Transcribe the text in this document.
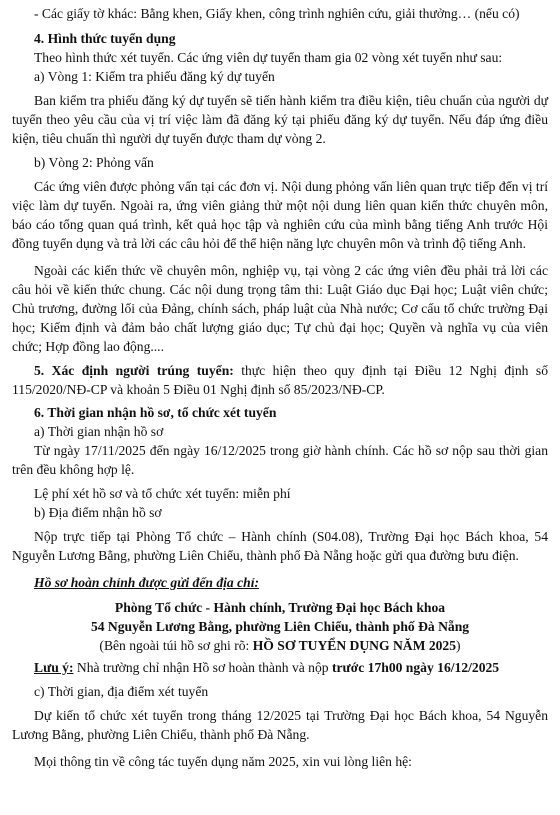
- Các giấy tờ khác: Bằng khen, Giấy khen, công trình nghiên cứu, giải thưởng… (nếu có)

4. Hình thức tuyển dụng

Theo hình thức xét tuyển. Các ứng viên dự tuyển tham gia 02 vòng xét tuyển như sau:

a) Vòng 1: Kiểm tra phiếu đăng ký dự tuyển

Ban kiểm tra phiếu đăng ký dự tuyển sẽ tiến hành kiểm tra điều kiện, tiêu chuẩn của người dự tuyển theo yêu cầu của vị trí việc làm đã đăng ký tại phiếu đăng ký dự tuyển. Nếu đáp ứng điều kiện, tiêu chuẩn thì người dự tuyển được tham dự vòng 2.

b) Vòng 2: Phỏng vấn

Các ứng viên được phỏng vấn tại các đơn vị. Nội dung phỏng vấn liên quan trực tiếp đến vị trí việc làm dự tuyển. Ngoài ra, ứng viên giảng thử một nội dung liên quan kiến thức chuyên môn, báo cáo tổng quan quá trình, kết quả học tập và nghiên cứu của mình bằng tiếng Anh trước Hội đồng tuyển dụng và trả lời các câu hỏi để thể hiện năng lực chuyên môn và trình độ tiếng Anh.

Ngoài các kiến thức về chuyên môn, nghiệp vụ, tại vòng 2 các ứng viên đều phải trả lời các câu hỏi về kiến thức chung. Các nội dung trọng tâm thi: Luật Giáo dục Đại học; Luật viên chức; Chủ trương, đường lối của Đảng, chính sách, pháp luật của Nhà nước; Cơ cấu tổ chức trường Đại học; Kiểm định và đảm bảo chất lượng giáo dục; Tự chủ đại học; Quyền và nghĩa vụ của viên chức; Hợp đồng lao động....

5. Xác định người trúng tuyển: thực hiện theo quy định tại Điều 12 Nghị định số 115/2020/NĐ-CP và khoản 5 Điều 01 Nghị định số 85/2023/NĐ-CP.

6. Thời gian nhận hồ sơ, tổ chức xét tuyển

a) Thời gian nhận hồ sơ

Từ ngày 17/11/2025 đến ngày 16/12/2025 trong giờ hành chính. Các hồ sơ nộp sau thời gian trên đều không hợp lệ.

Lệ phí xét hồ sơ và tổ chức xét tuyển: miễn phí

b) Địa điểm nhận hồ sơ

Nộp trực tiếp tại Phòng Tổ chức – Hành chính (S04.08), Trường Đại học Bách khoa, 54 Nguyễn Lương Bằng, phường Liên Chiểu, thành phố Đà Nẵng hoặc gửi qua đường bưu điện.

Hồ sơ hoàn chỉnh được gửi đến địa chỉ:

Phòng Tổ chức - Hành chính, Trường Đại học Bách khoa

54 Nguyễn Lương Bằng, phường Liên Chiểu, thành phố Đà Nẵng

(Bên ngoài túi hồ sơ ghi rõ: HỒ SƠ TUYỂN DỤNG NĂM 2025)

Lưu ý: Nhà trường chỉ nhận Hồ sơ hoàn thành và nộp trước 17h00 ngày 16/12/2025

c) Thời gian, địa điểm xét tuyển

Dự kiến tổ chức xét tuyển trong tháng 12/2025 tại Trường Đại học Bách khoa, 54 Nguyễn Lương Bằng, phường Liên Chiểu, thành phố Đà Nẵng.

Mọi thông tin về công tác tuyển dụng năm 2025, xin vui lòng liên hệ:
